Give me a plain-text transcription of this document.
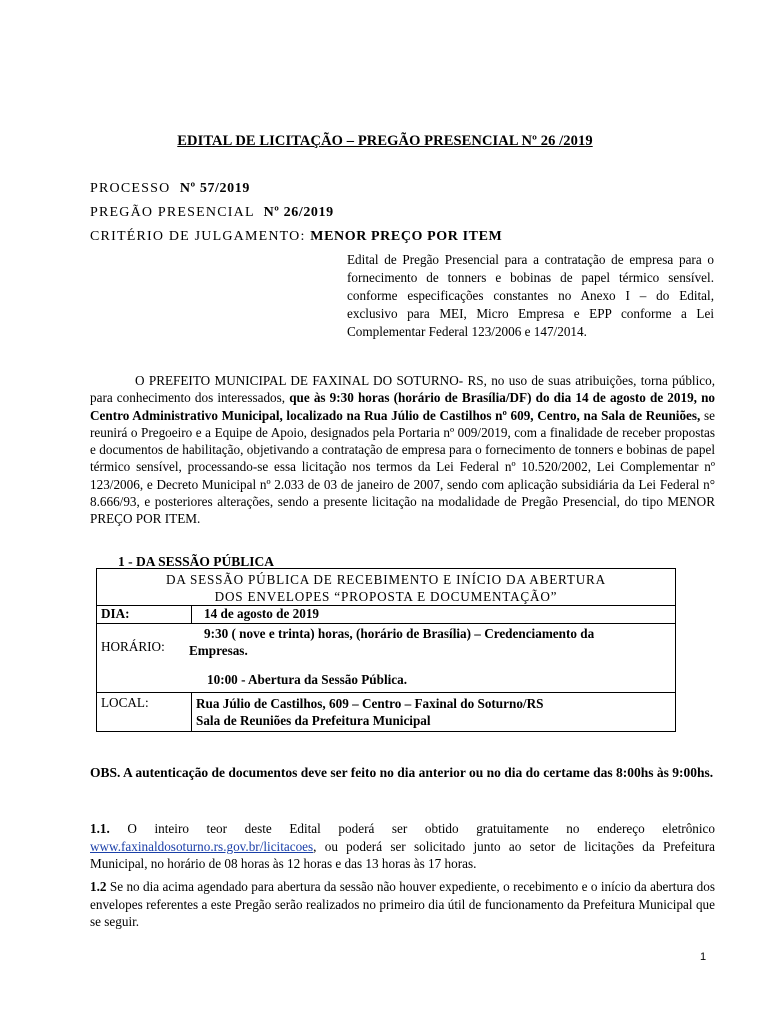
EDITAL DE LICITAÇÃO – PREGÃO PRESENCIAL Nº 26 /2019
PROCESSO Nº 57/2019
PREGÃO PRESENCIAL Nº 26/2019
CRITÉRIO DE JULGAMENTO: MENOR PREÇO POR ITEM
Edital de Pregão Presencial para a contratação de empresa para o fornecimento de tonners e bobinas de papel térmico sensível. conforme especificações constantes no Anexo I – do Edital, exclusivo para MEI, Micro Empresa e EPP conforme a Lei Complementar Federal 123/2006 e 147/2014.
O PREFEITO MUNICIPAL DE FAXINAL DO SOTURNO- RS, no uso de suas atribuições, torna público, para conhecimento dos interessados, que às 9:30 horas (horário de Brasília/DF) do dia 14 de agosto de 2019, no Centro Administrativo Municipal, localizado na Rua Júlio de Castilhos nº 609, Centro, na Sala de Reuniões, se reunirá o Pregoeiro e a Equipe de Apoio, designados pela Portaria nº 009/2019, com a finalidade de receber propostas e documentos de habilitação, objetivando a contratação de empresa para o fornecimento de tonners e bobinas de papel térmico sensível, processando-se essa licitação nos termos da Lei Federal nº 10.520/2002, Lei Complementar nº 123/2006, e Decreto Municipal nº 2.033 de 03 de janeiro de 2007, sendo com aplicação subsidiária da Lei Federal n° 8.666/93, e posteriores alterações, sendo a presente licitação na modalidade de Pregão Presencial, do tipo MENOR PREÇO POR ITEM.
1 - DA SESSÃO PÚBLICA
DA SESSÃO PÚBLICA DE RECEBIMENTO E INÍCIO DA ABERTURA
DOS ENVELOPES “PROPOSTA E DOCUMENTAÇÃO”	

DIA:	14 de agosto de 2019

HORÁRIO:
9:30 ( nove e trinta) horas, (horário de Brasília) – Credenciamento da
Empresas.
10:00 - Abertura da Sessão Pública.	

LOCAL:	Rua Júlio de Castilhos, 609 – Centro – Faxinal do Soturno/RS
Sala de Reuniões da Prefeitura Municipal
OBS. A autenticação de documentos deve ser feito no dia anterior ou no dia do certame das 8:00hs às 9:00hs.
1.1. O inteiro teor deste Edital poderá ser obtido gratuitamente no endereço eletrônico www.faxinaldosoturno.rs.gov.br/licitacoes, ou poderá ser solicitado junto ao setor de licitações da Prefeitura Municipal, no horário de 08 horas às 12 horas e das 13 horas às 17 horas.
1.2 Se no dia acima agendado para abertura da sessão não houver expediente, o recebimento e o início da abertura dos envelopes referentes a este Pregão serão realizados no primeiro dia útil de funcionamento da Prefeitura Municipal que se seguir.
1
